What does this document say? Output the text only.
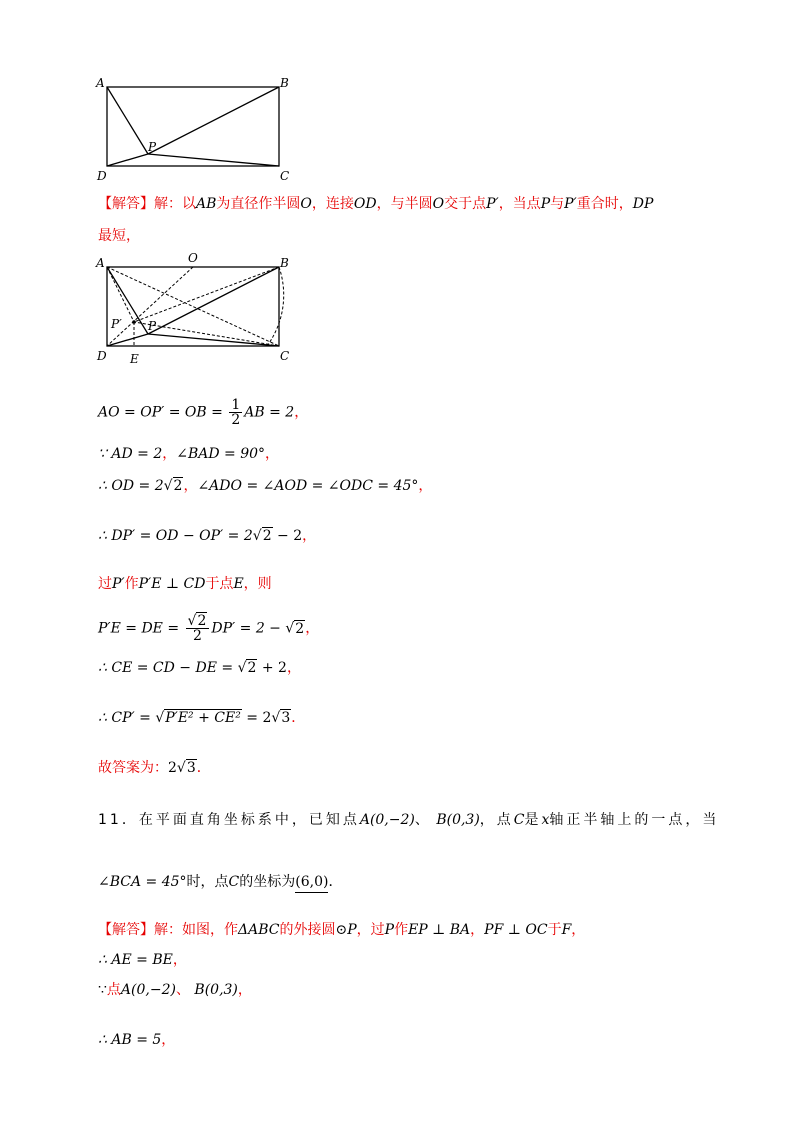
A	B
D	C
P
【解答】解：以AB为直径作半圆O，连接OD，与半圆O交于点P′，当点P与P′重合时，DP
最短，
A	O	B
P′ P
D E	C
AO = OP′ = OB = $\frac{1}{2}$ AB = 2，
∵ AD = 2，∠BAD = 90°，
∴ OD = 2√2，∠ADO = ∠AOD = ∠ODC = 45°，
∴ DP′ = OD − OP′ = 2√2 − 2，
过P′作P′E ⊥ CD于点E，则
P′E = DE = $\frac{√2}{2} DP' = 2 - √2$，
∴ CE = CD − DE = √2 + 2，
∴ CP′ = √P′E² + CE² = 2√3．
故答案为：2√3．
11．在平面直角坐标系中，已知点A(0,−2)、 B(0,3)，点C是x轴正半轴上的一点，当
∠BCA = 45°时，点C的坐标为(6,0)．
【解答】解：如图，作ΔABC的外接圆⊙P，过P作EP ⊥ BA，PF ⊥ OC于F，
∴ AE = BE，
∵点A(0,−2)、 B(0,3)，
∴ AB = 5，
